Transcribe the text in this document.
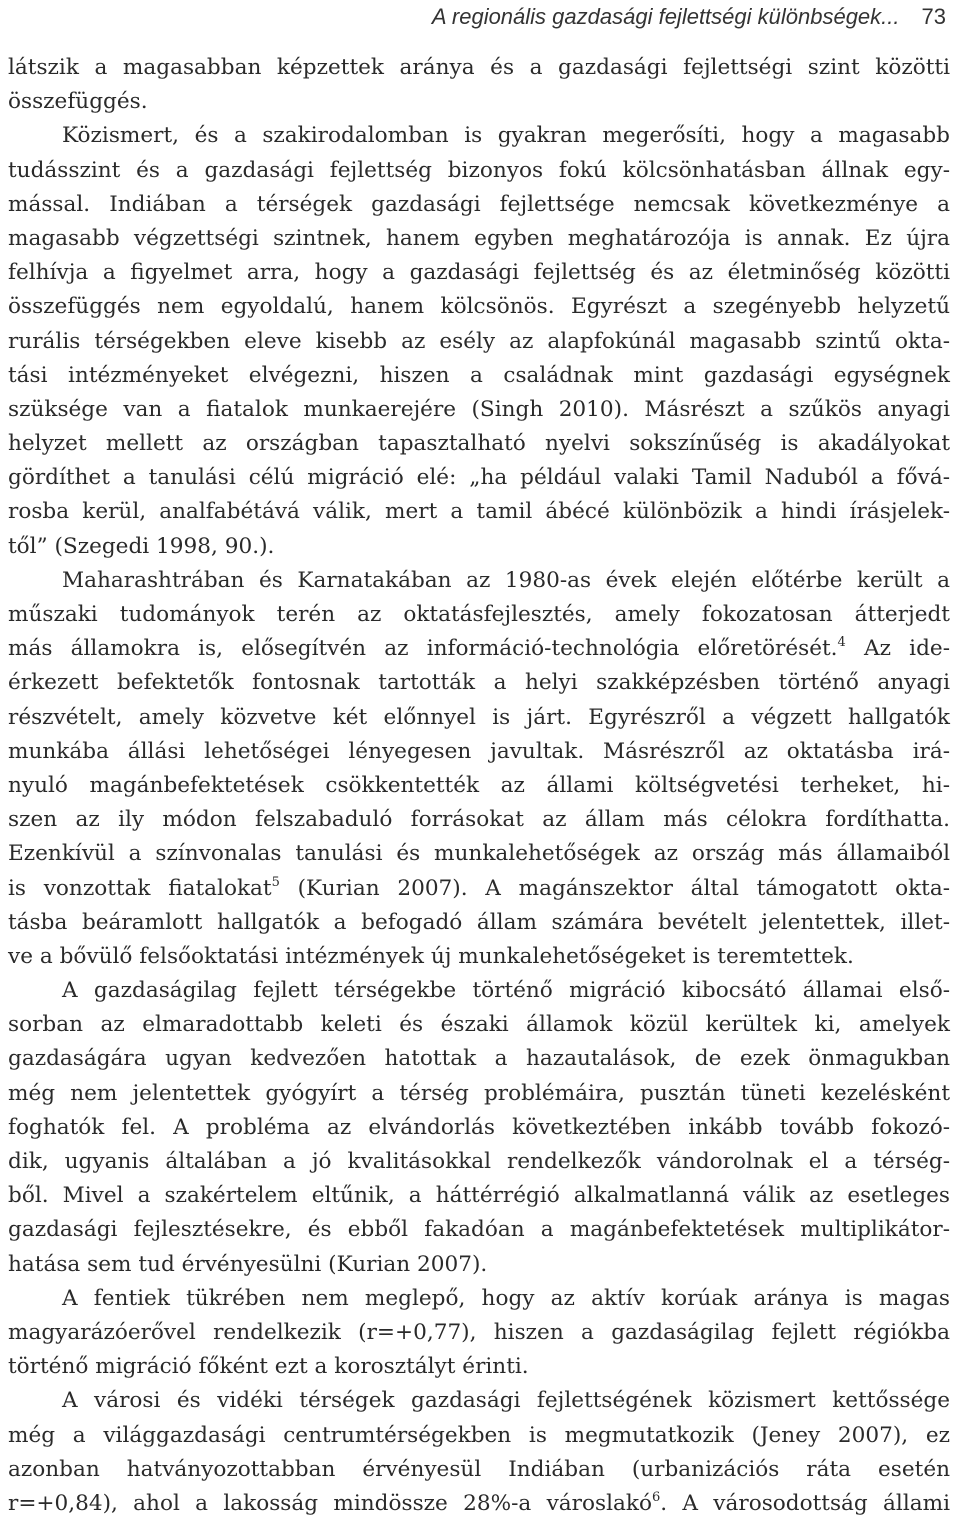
A regionális gazdasági fejlettségi különbségek... 73
látszik a magasabban képzettek aránya és a gazdasági fejlettségi szint közötti
összefüggés.
Közismert, és a szakirodalomban is gyakran megerősíti, hogy a magasabb
tudásszint és a gazdasági fejlettség bizonyos fokú kölcsönhatásban állnak egy-
mással. Indiában a térségek gazdasági fejlettsége nemcsak következménye a
magasabb végzettségi szintnek, hanem egyben meghatározója is annak. Ez újra
felhívja a figyelmet arra, hogy a gazdasági fejlettség és az életminőség közötti
összefüggés nem egyoldalú, hanem kölcsönös. Egyrészt a szegényebb helyzetű
rurális térségekben eleve kisebb az esély az alapfokúnál magasabb szintű okta-
tási intézményeket elvégezni, hiszen a családnak mint gazdasági egységnek
szüksége van a fiatalok munkaerejére (Singh 2010). Másrészt a szűkös anyagi
helyzet mellett az országban tapasztalható nyelvi sokszínűség is akadályokat
gördíthet a tanulási célú migráció elé: „ha például valaki Tamil Naduból a fővá-
rosba kerül, analfabétává válik, mert a tamil ábécé különbözik a hindi írásjelek-
től” (Szegedi 1998, 90.).
Maharashtrában és Karnatakában az 1980-as évek elején előtérbe került a
műszaki tudományok terén az oktatásfejlesztés, amely fokozatosan átterjedt
más államokra is, elősegítvén az információ-technológia előretörését.$^4$ Az ide-
érkezett befektetők fontosnak tartották a helyi szakképzésben történő anyagi
részvételt, amely közvetve két előnnyel is járt. Egyrészről a végzett hallgatók
munkába állási lehetőségei lényegesen javultak. Másrészről az oktatásba irá-
nyuló magánbefektetések csökkentették az állami költségvetési terheket, hi-
szen az ily módon felszabaduló forrásokat az állam más célokra fordíthatta.
Ezenkívül a színvonalas tanulási és munkalehetőségek az ország más államaiból
is vonzottak fiatalokat$^5$ (Kurian 2007). A magánszektor által támogatott okta-
tásba beáramlott hallgatók a befogadó állam számára bevételt jelentettek, illet-
ve a bővülő felsőoktatási intézmények új munkalehetőségeket is teremtettek.
A gazdaságilag fejlett térségekbe történő migráció kibocsátó államai első-
sorban az elmaradottabb keleti és északi államok közül kerültek ki, amelyek
gazdaságára ugyan kedvezően hatottak a hazautalások, de ezek önmagukban
még nem jelentettek gyógyírt a térség problémáira, pusztán tüneti kezelésként
foghatók fel. A probléma az elvándorlás következtében inkább tovább fokozó-
dik, ugyanis általában a jó kvalitásokkal rendelkezők vándorolnak el a térség-
ből. Mivel a szakértelem eltűnik, a háttérrégió alkalmatlanná válik az esetleges
gazdasági fejlesztésekre, és ebből fakadóan a magánbefektetések multiplikátor-
hatása sem tud érvényesülni (Kurian 2007).
A fentiek tükrében nem meglepő, hogy az aktív korúak aránya is magas
magyarázóerővel rendelkezik (r=+0,77), hiszen a gazdaságilag fejlett régiókba
történő migráció főként ezt a korosztályt érinti.
A városi és vidéki térségek gazdasági fejlettségének közismert kettőssége
még a világgazdasági centrumtérségekben is megmutatkozik (Jeney 2007), ez
azonban hatványozottabban érvényesül Indiában (urbanizációs ráta esetén
r=+0,84), ahol a lakosság mindössze 28%-a városlakó$^6$. A városodottság állami
